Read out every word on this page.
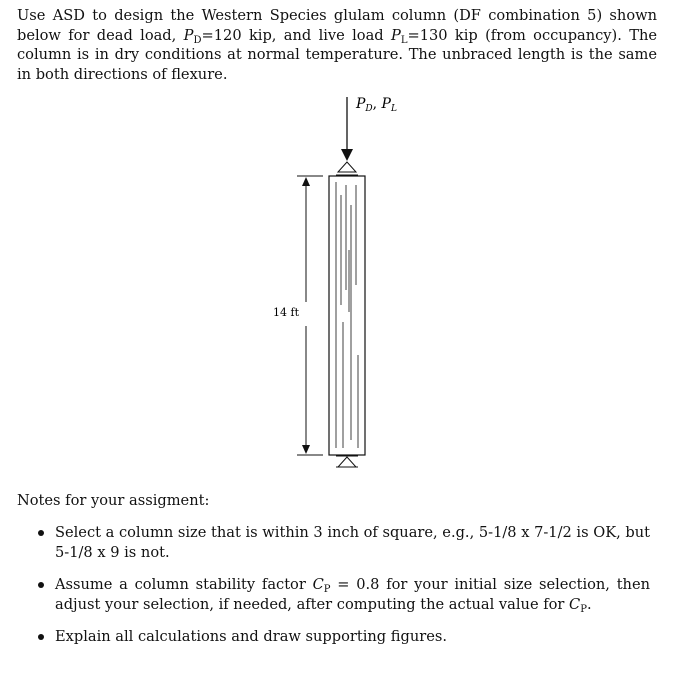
Use ASD to design the Western Species glulam column (DF combination 5) shown below for dead load, $P_D=120$ kip, and live load $P_L=130$ kip (from occupancy). The column is in dry conditions at normal temperature. The unbraced length is the same in both directions of flexure.
$P_D$, $P_L$
14 ft
Notes for your assigment:
Select a column size that is within 3 inch of square, e.g., 5-1/8 x 7-1/2 is OK, but 5-1/8 x 9 is not.
Assume a column stability factor $C_P = 0.8$ for your initial size selection, then adjust your selection, if needed, after computing the actual value for $C_P$.
Explain all calculations and draw supporting figures.
